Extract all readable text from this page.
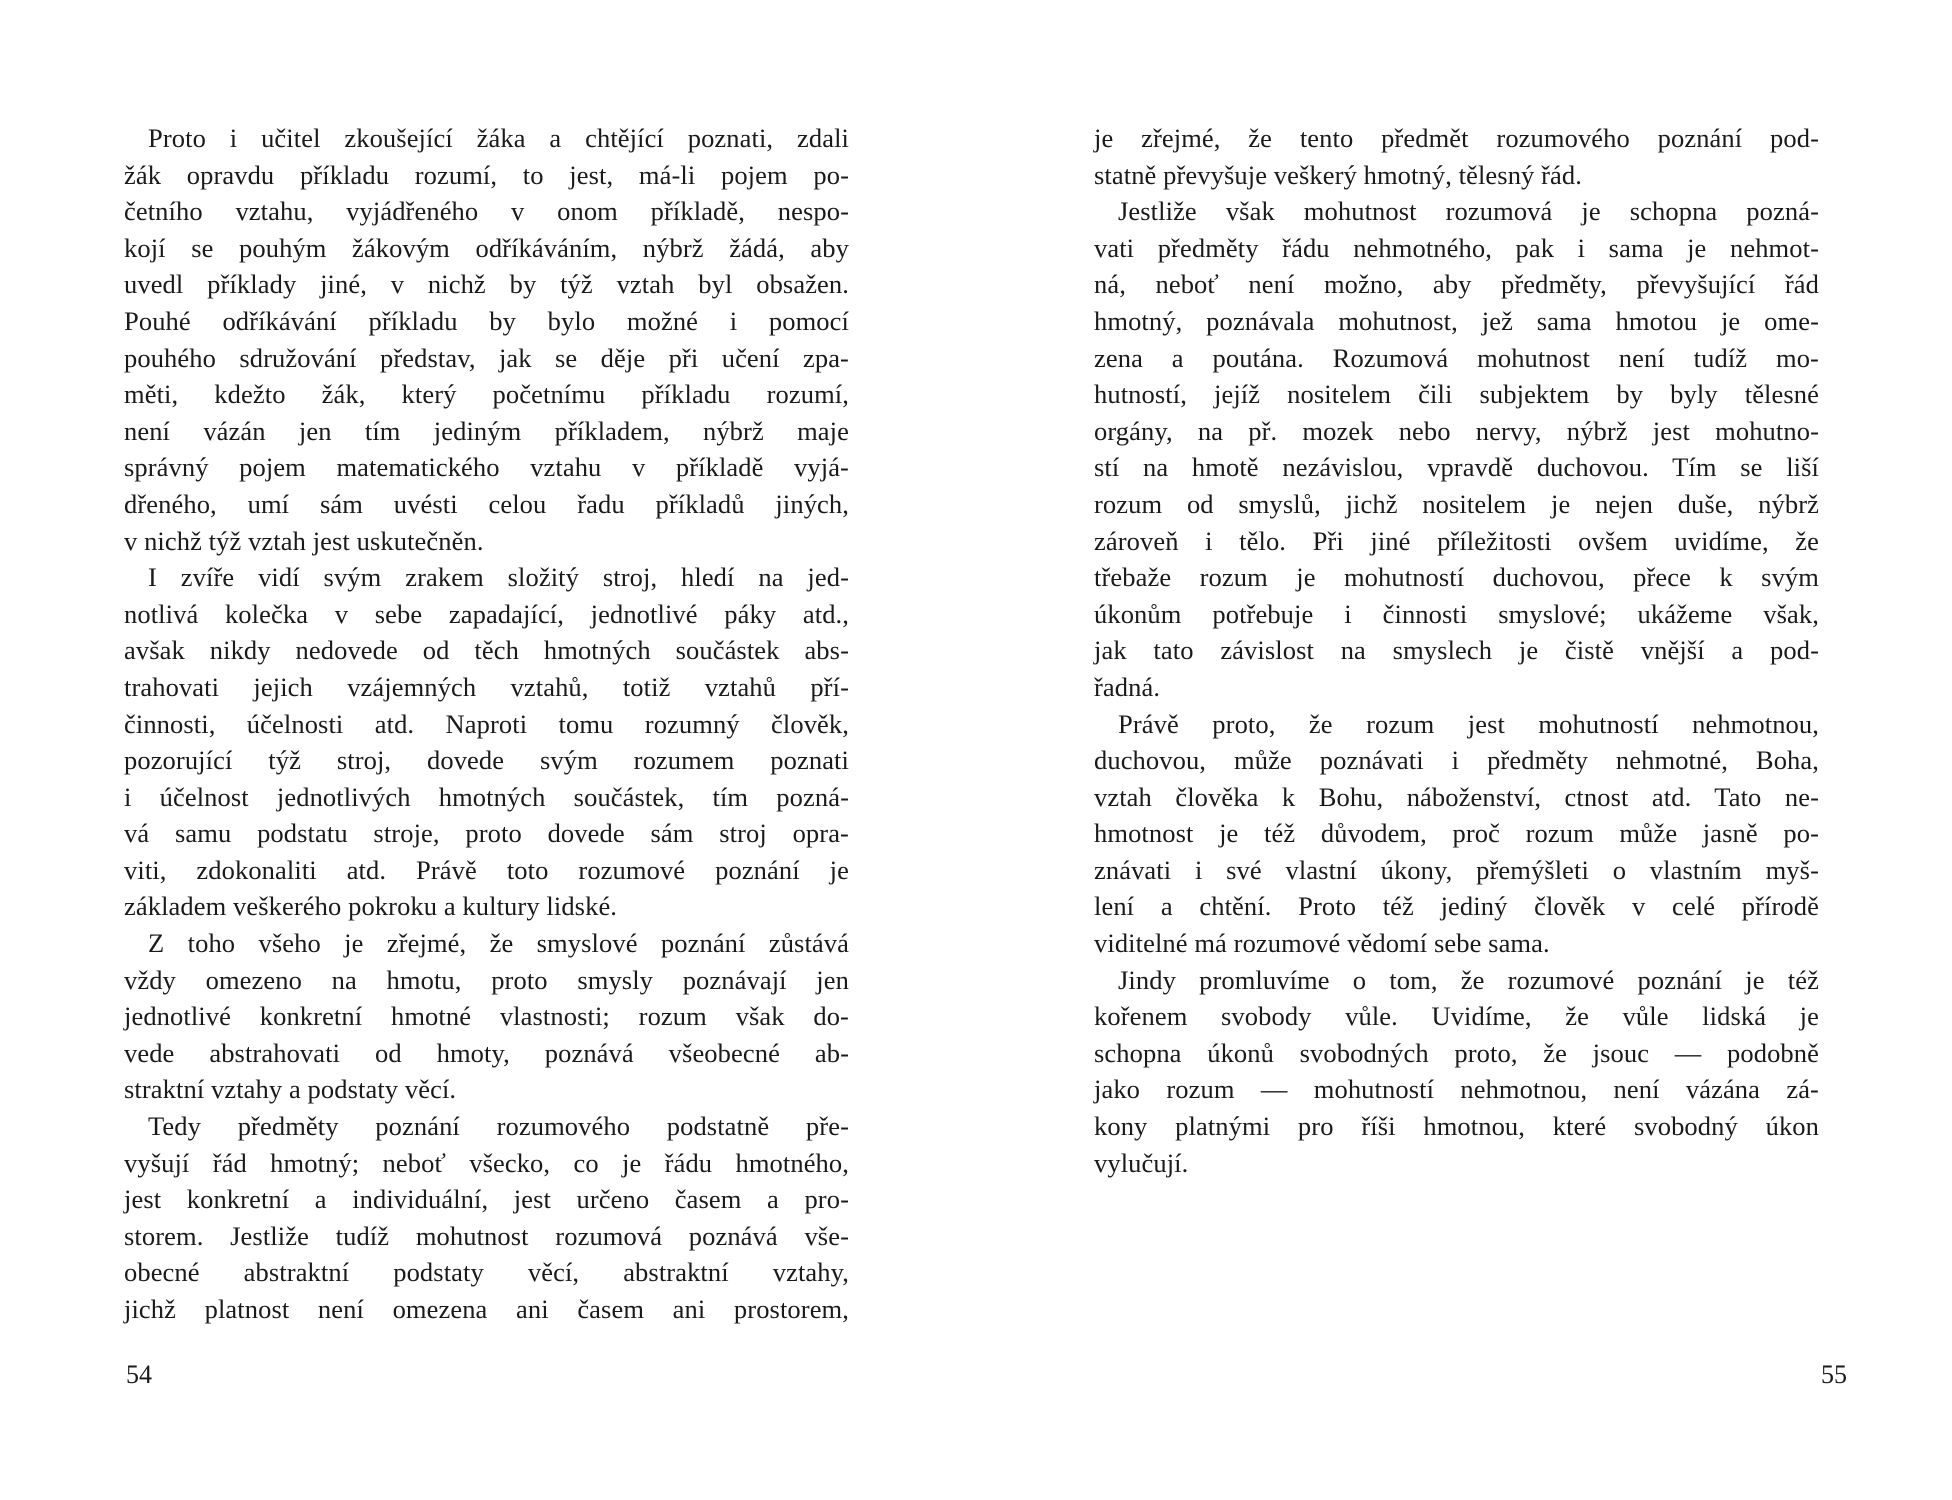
Proto i učitel zkoušející žáka a chtějící poznati, zdali
žák opravdu příkladu rozumí, to jest, má-li pojem po-
četního vztahu, vyjádřeného v onom příkladě, nespo-
kojí se pouhým žákovým odříkáváním, nýbrž žádá, aby
uvedl příklady jiné, v nichž by týž vztah byl obsažen.
Pouhé odříkávání příkladu by bylo možné i pomocí
pouhého sdružování představ, jak se děje při učení zpa-
měti, kdežto žák, který početnímu příkladu rozumí,
není vázán jen tím jediným příkladem, nýbrž maje
správný pojem matematického vztahu v příkladě vyjá-
dřeného, umí sám uvésti celou řadu příkladů jiných,
v nichž týž vztah jest uskutečněn.
I zvíře vidí svým zrakem složitý stroj, hledí na jed-
notlivá kolečka v sebe zapadající, jednotlivé páky atd.,
avšak nikdy nedovede od těch hmotných součástek abs-
trahovati jejich vzájemných vztahů, totiž vztahů pří-
činnosti, účelnosti atd. Naproti tomu rozumný člověk,
pozorující týž stroj, dovede svým rozumem poznati
i účelnost jednotlivých hmotných součástek, tím pozná-
vá samu podstatu stroje, proto dovede sám stroj opra-
viti, zdokonaliti atd. Právě toto rozumové poznání je
základem veškerého pokroku a kultury lidské.
Z toho všeho je zřejmé, že smyslové poznání zůstává
vždy omezeno na hmotu, proto smysly poznávají jen
jednotlivé konkretní hmotné vlastnosti; rozum však do-
vede abstrahovati od hmoty, poznává všeobecné ab-
straktní vztahy a podstaty věcí.
Tedy předměty poznání rozumového podstatně pře-
vyšují řád hmotný; neboť všecko, co je řádu hmotného,
jest konkretní a individuální, jest určeno časem a pro-
storem. Jestliže tudíž mohutnost rozumová poznává vše-
obecné abstraktní podstaty věcí, abstraktní vztahy,
jichž platnost není omezena ani časem ani prostorem,
54
je zřejmé, že tento předmět rozumového poznání pod-
statně převyšuje veškerý hmotný, tělesný řád.
Jestliže však mohutnost rozumová je schopna pozná-
vati předměty řádu nehmotného, pak i sama je nehmot-
ná, neboť není možno, aby předměty, převyšující řád
hmotný, poznávala mohutnost, jež sama hmotou je ome-
zena a poutána. Rozumová mohutnost není tudíž mo-
hutností, jejíž nositelem čili subjektem by byly tělesné
orgány, na př. mozek nebo nervy, nýbrž jest mohutno-
stí na hmotě nezávislou, vpravdě duchovou. Tím se liší
rozum od smyslů, jichž nositelem je nejen duše, nýbrž
zároveň i tělo. Při jiné příležitosti ovšem uvidíme, že
třebaže rozum je mohutností duchovou, přece k svým
úkonům potřebuje i činnosti smyslové; ukážeme však,
jak tato závislost na smyslech je čistě vnější a pod-
řadná.
Právě proto, že rozum jest mohutností nehmotnou,
duchovou, může poznávati i předměty nehmotné, Boha,
vztah člověka k Bohu, náboženství, ctnost atd. Tato ne-
hmotnost je též důvodem, proč rozum může jasně po-
znávati i své vlastní úkony, přemýšleti o vlastním myš-
lení a chtění. Proto též jediný člověk v celé přírodě
viditelné má rozumové vědomí sebe sama.
Jindy promluvíme o tom, že rozumové poznání je též
kořenem svobody vůle. Uvidíme, že vůle lidská je
schopna úkonů svobodných proto, že jsouc — podobně
jako rozum — mohutností nehmotnou, není vázána zá-
kony platnými pro říši hmotnou, které svobodný úkon
vylučují.
55
